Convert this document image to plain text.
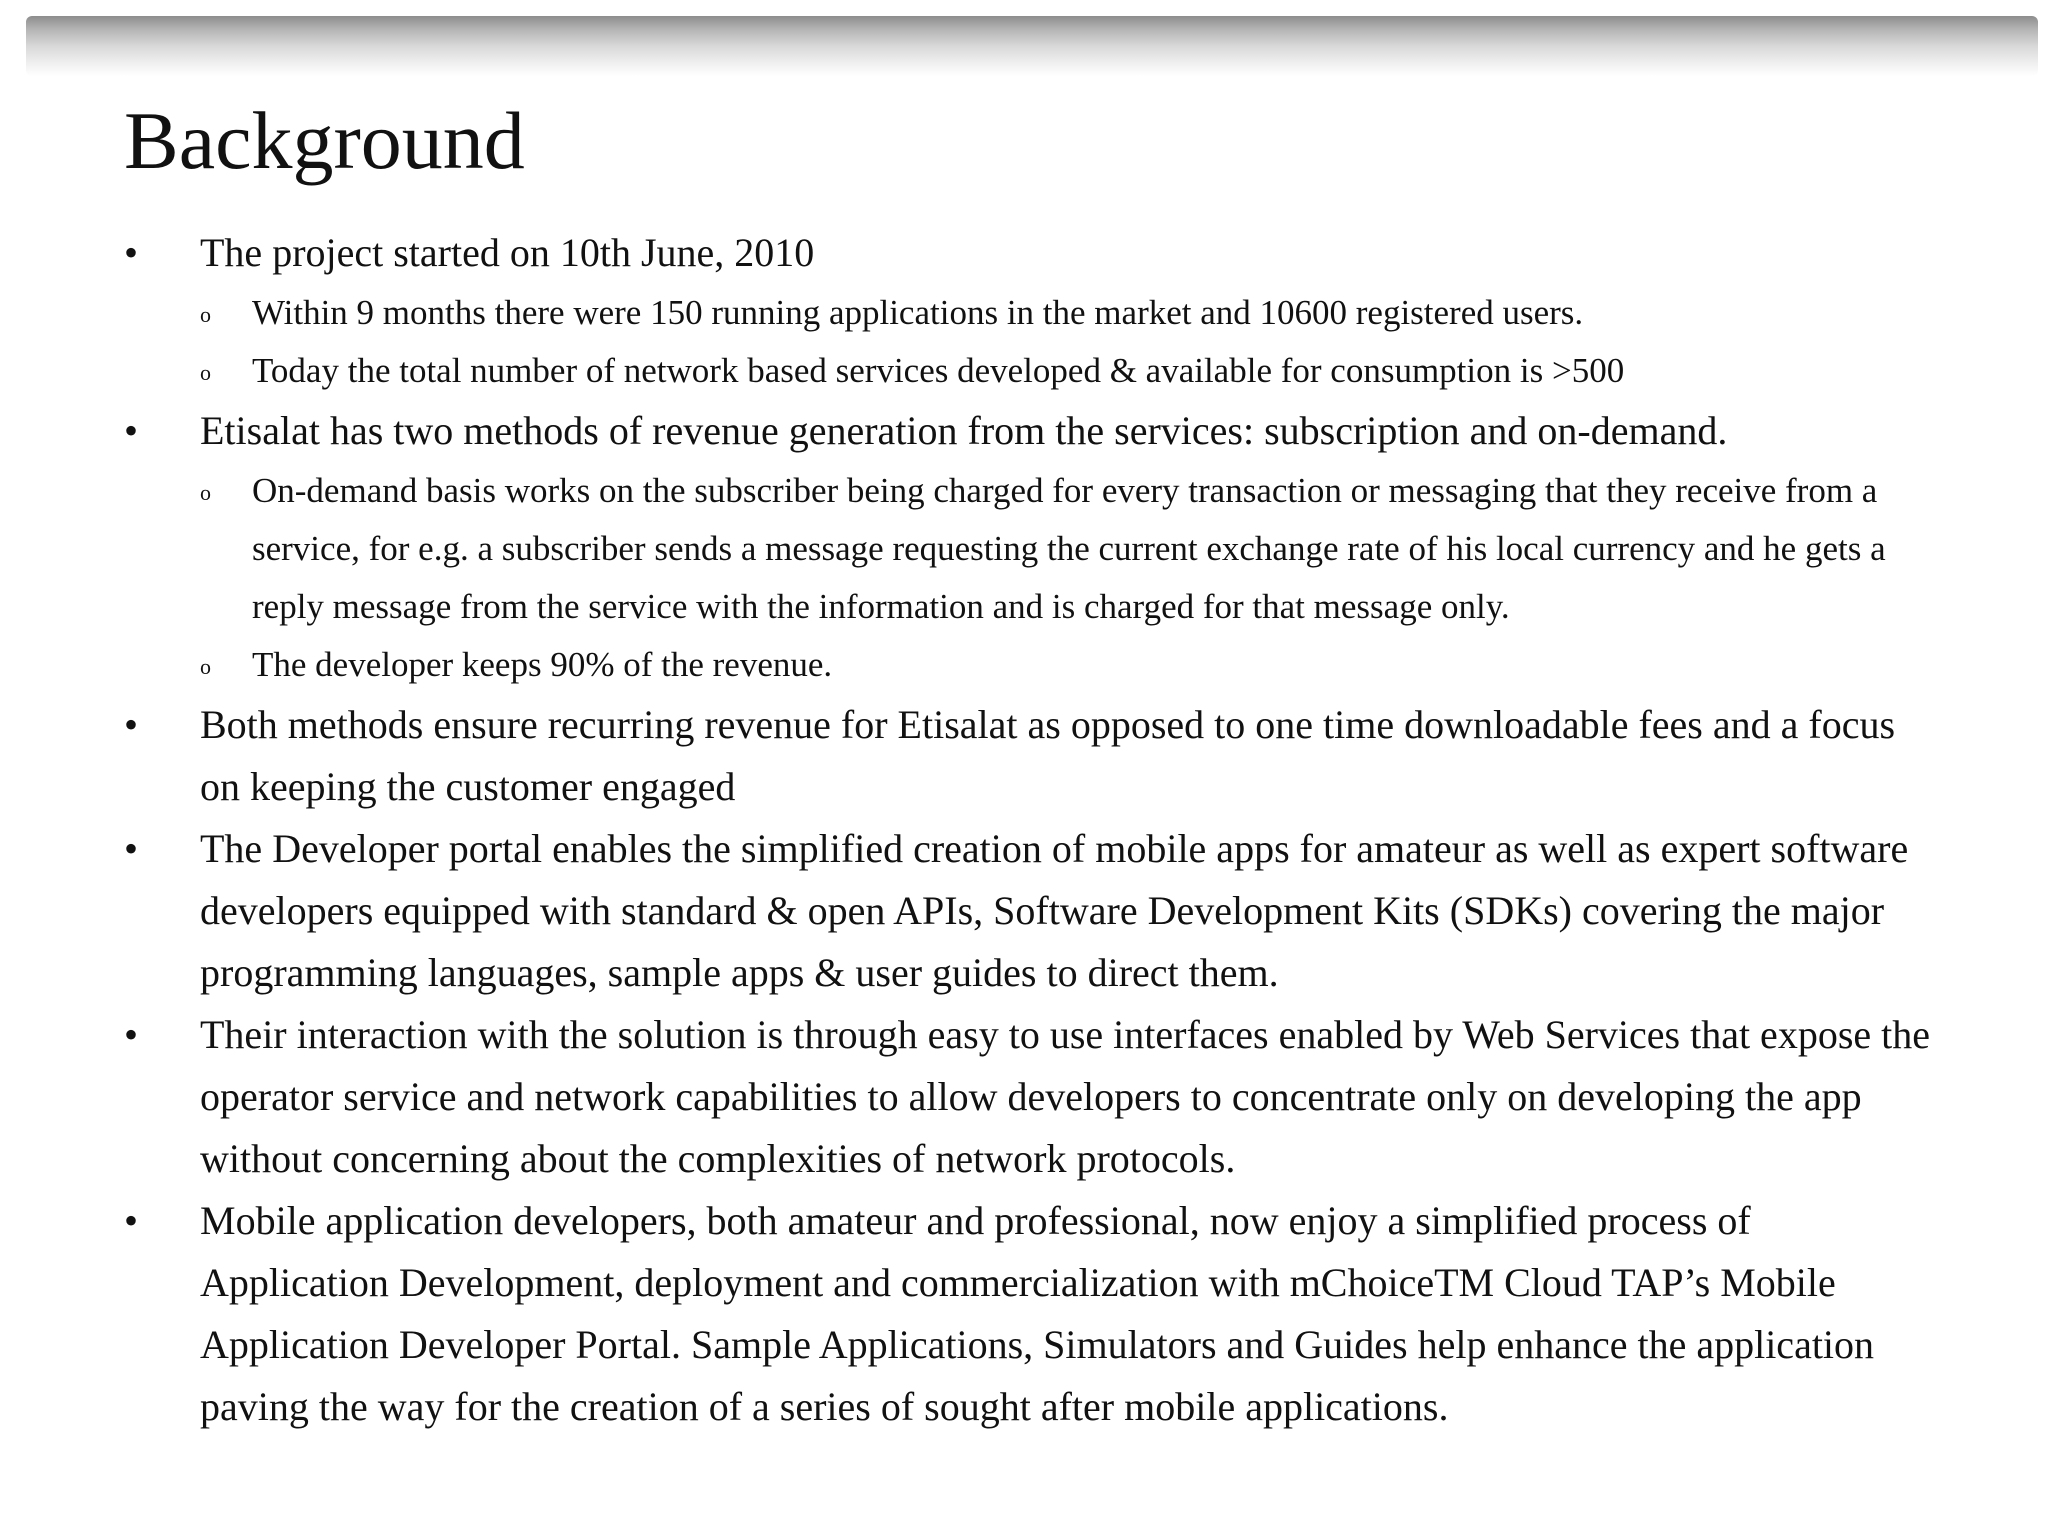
Background
• The project started on 10th June, 2010
o Within 9 months there were 150 running applications in the market and 10600 registered users.
o Today the total number of network based services developed & available for consumption is >500
• Etisalat has two methods of revenue generation from the services: subscription and on-demand.
o On-demand basis works on the subscriber being charged for every transaction or messaging that they receive from a service, for e.g. a subscriber sends a message requesting the current exchange rate of his local currency and he gets a reply message from the service with the information and is charged for that message only.
o The developer keeps 90% of the revenue.
• Both methods ensure recurring revenue for Etisalat as opposed to one time downloadable fees and a focus on keeping the customer engaged
• The Developer portal enables the simplified creation of mobile apps for amateur as well as expert software developers equipped with standard & open APIs, Software Development Kits (SDKs) covering the major programming languages, sample apps & user guides to direct them.
• Their interaction with the solution is through easy to use interfaces enabled by Web Services that expose the operator service and network capabilities to allow developers to concentrate only on developing the app without concerning about the complexities of network protocols.
• Mobile application developers, both amateur and professional, now enjoy a simplified process of Application Development, deployment and commercialization with mChoiceTM Cloud TAP’s Mobile Application Developer Portal. Sample Applications, Simulators and Guides help enhance the application paving the way for the creation of a series of sought after mobile applications.
